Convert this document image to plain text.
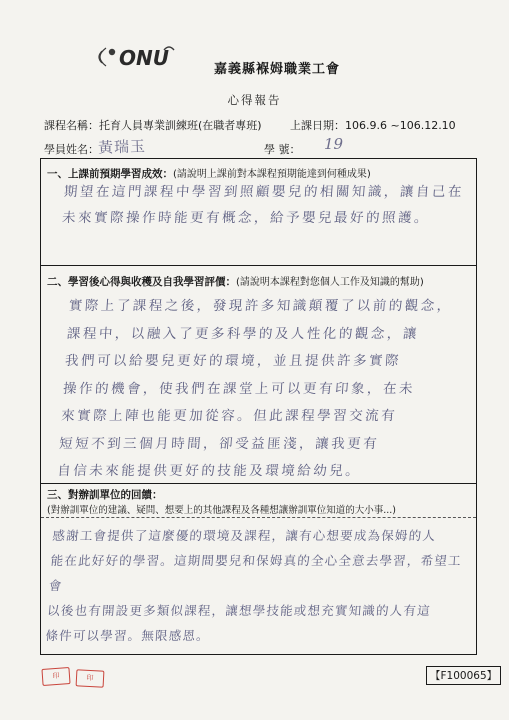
ONU	嘉義縣褓姆職業工會
心得報告
課程名稱：托育人員專業訓練班(在職者專班)	上課日期：106.9.6 ~106.12.10
學員姓名：	學 號：
黃瑞玉	19
一、上課前預期學習成效：(請說明上課前對本課程預期能達到何種成果)
期望在這門課程中學習到照顧嬰兒的相關知識，讓自己在
未來實際操作時能更有概念，給予嬰兒最好的照護。
二、學習後心得與收穫及自我學習評價：(請說明本課程對您個人工作及知識的幫助)
實際上了課程之後，發現許多知識顛覆了以前的觀念，
課程中，以融入了更多科學的及人性化的觀念，讓
我們可以給嬰兒更好的環境，並且提供許多實際
操作的機會，使我們在課堂上可以更有印象，在未
來實際上陣也能更加從容。但此課程學習交流有
短短不到三個月時間，卻受益匪淺，讓我更有
自信未來能提供更好的技能及環境給幼兒。
三、對辦訓單位的回饋：
(對辦訓單位的建議、疑問、想要上的其他課程及各種想讓辦訓單位知道的大小事...)
感謝工會提供了這麼優的環境及課程，讓有心想要成為保姆的人
能在此好好的學習。這期間嬰兒和保姆真的全心全意去學習，希望工會
以後也有開設更多類似課程，讓想學技能或想充實知識的人有這
條件可以學習。無限感恩。
印	印	【F100065】
